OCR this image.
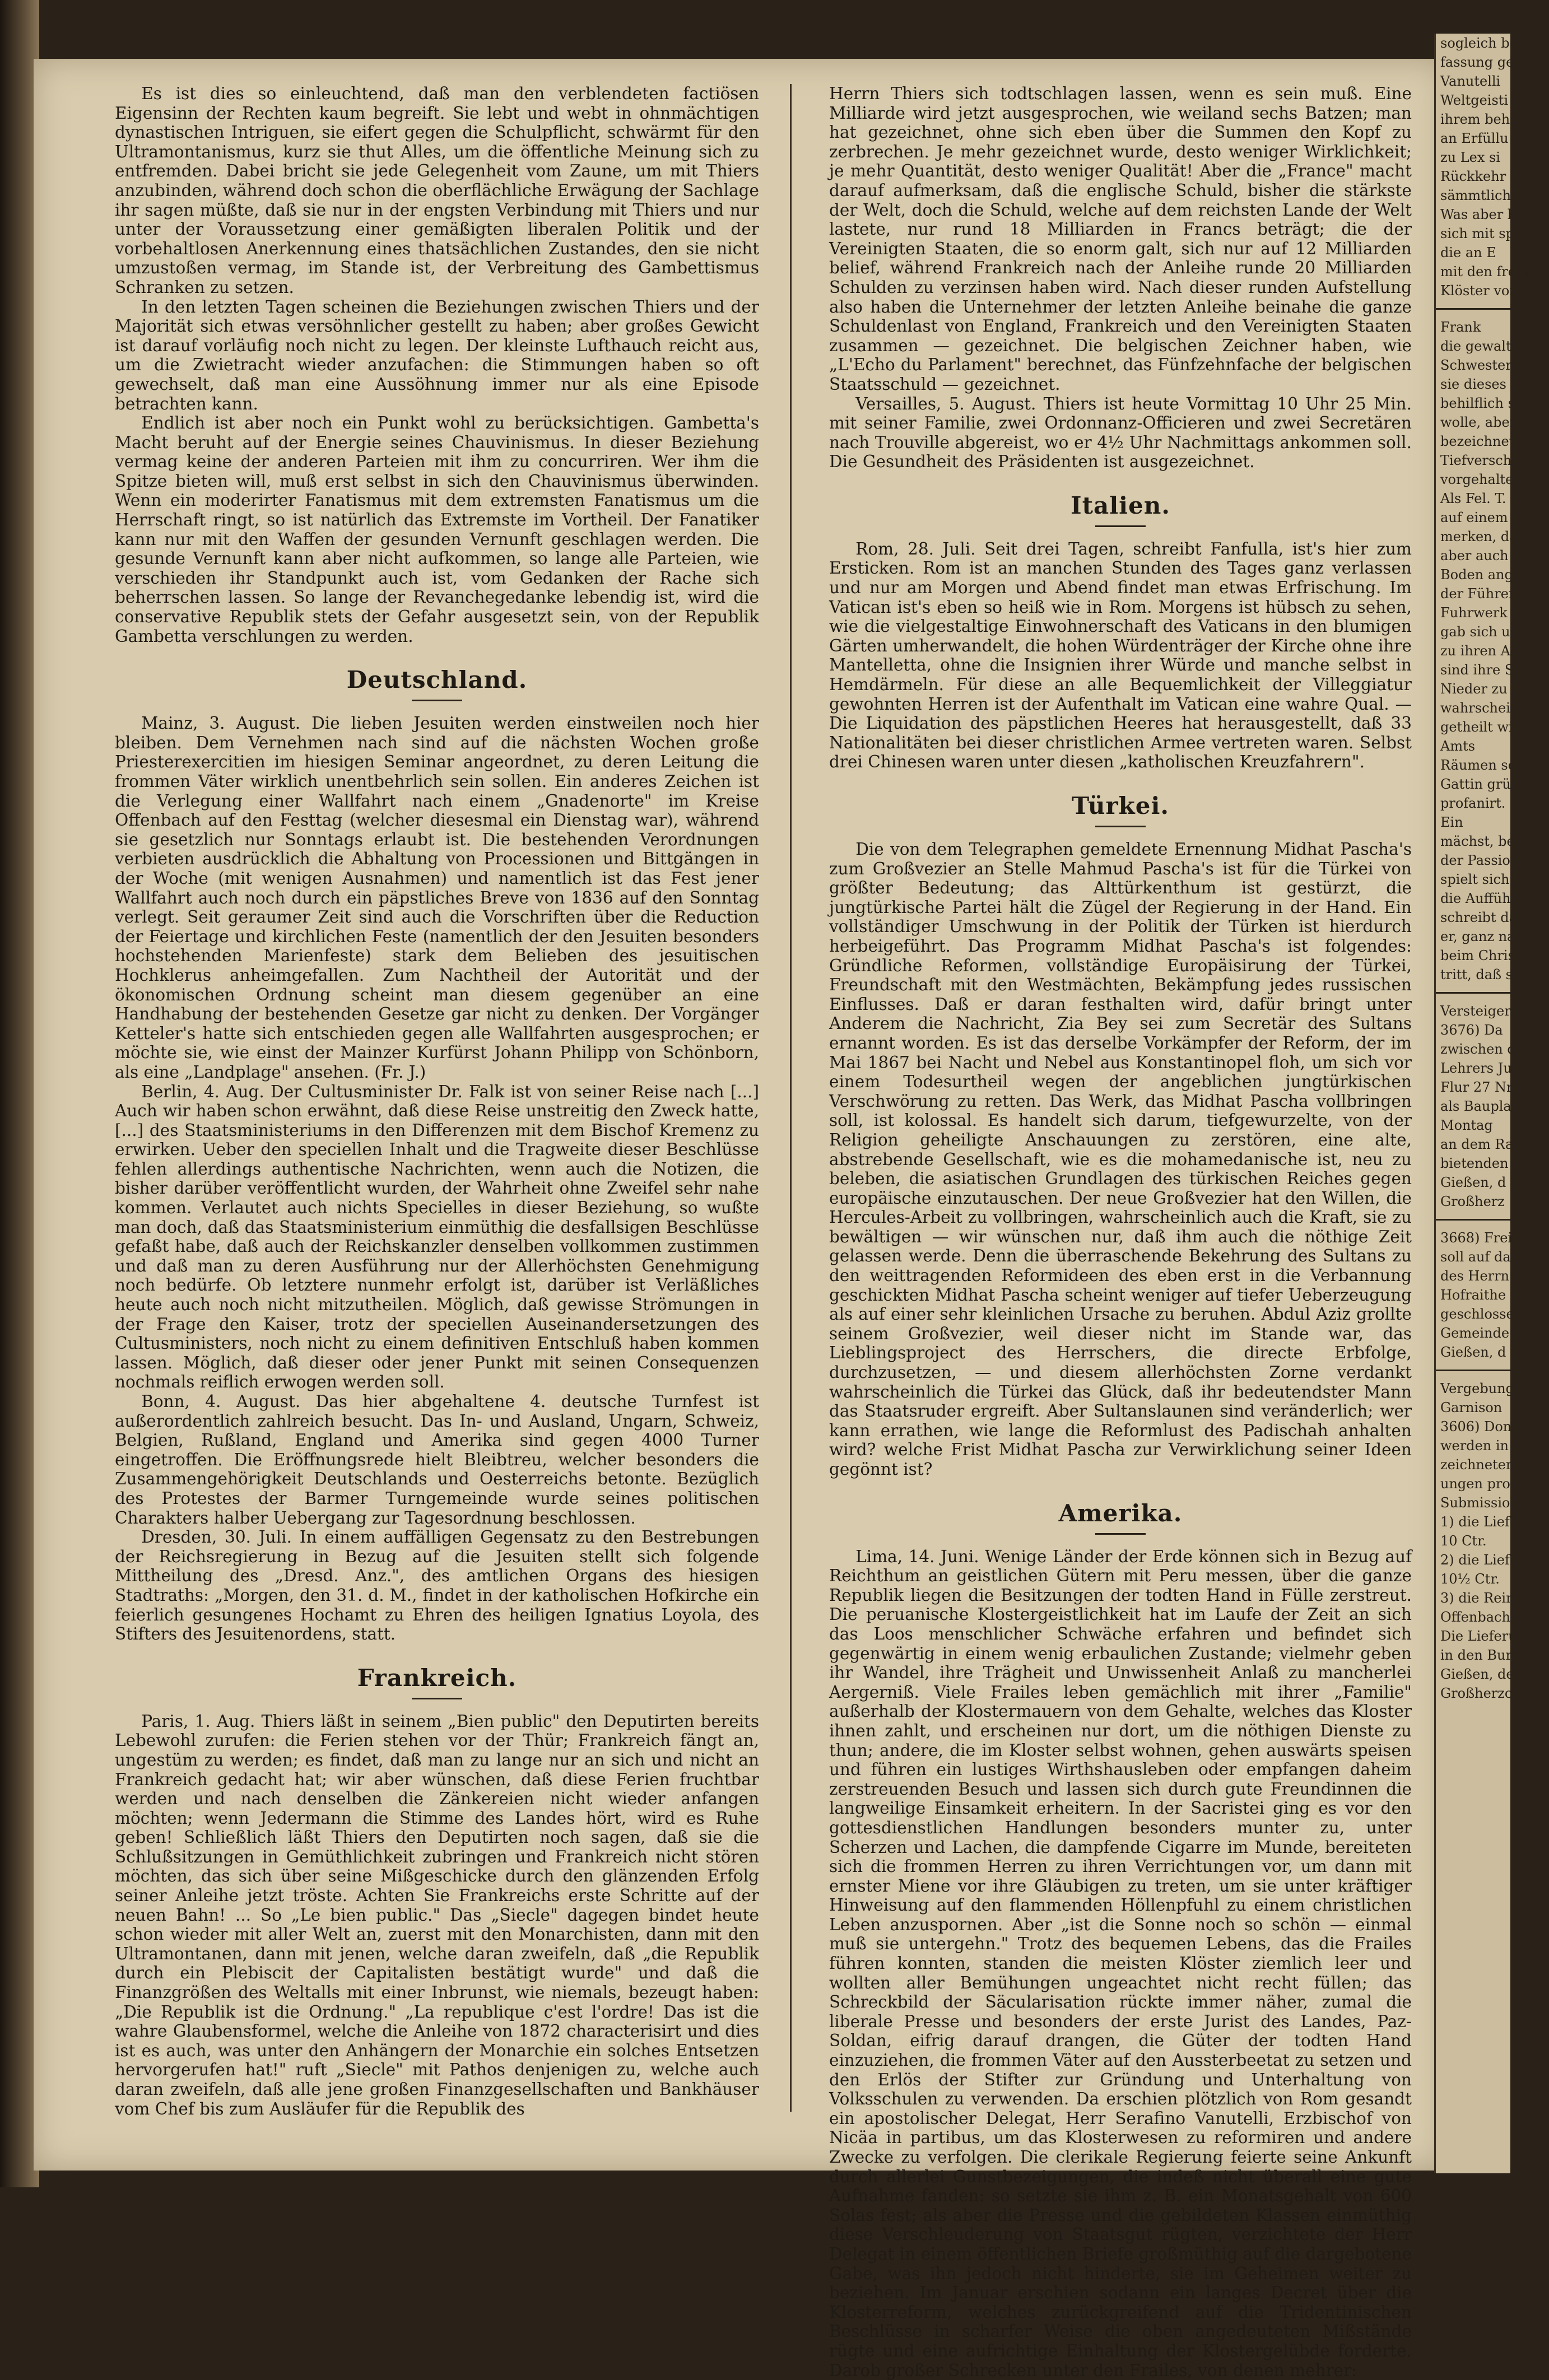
Es ist dies so einleuchtend, daß man den verblendeten factiösen Eigensinn der Rechten kaum begreift. Sie lebt und webt in ohnmächtigen dynastischen Intriguen, sie eifert gegen die Schulpflicht, schwärmt für den Ultramontanismus, kurz sie thut Alles, um die öffentliche Meinung sich zu entfremden. Dabei bricht sie jede Gelegenheit vom Zaune, um mit Thiers anzubinden, während doch schon die oberflächliche Erwägung der Sachlage ihr sagen müßte, daß sie nur in der engsten Verbindung mit Thiers und nur unter der Voraussetzung einer gemäßigten liberalen Politik und der vorbehaltlosen Anerkennung eines thatsächlichen Zustandes, den sie nicht umzustoßen vermag, im Stande ist, der Verbreitung des Gambettismus Schranken zu setzen.

In den letzten Tagen scheinen die Beziehungen zwischen Thiers und der Majorität sich etwas versöhnlicher gestellt zu haben; aber großes Gewicht ist darauf vorläufig noch nicht zu legen. Der kleinste Lufthauch reicht aus, um die Zwietracht wieder anzufachen: die Stimmungen haben so oft gewechselt, daß man eine Aussöhnung immer nur als eine Episode betrachten kann.

Endlich ist aber noch ein Punkt wohl zu berücksichtigen. Gambetta's Macht beruht auf der Energie seines Chauvinismus. In dieser Beziehung vermag keine der anderen Parteien mit ihm zu concurriren. Wer ihm die Spitze bieten will, muß erst selbst in sich den Chauvinismus überwinden. Wenn ein moderirter Fanatismus mit dem extremsten Fanatismus um die Herrschaft ringt, so ist natürlich das Extremste im Vortheil. Der Fanatiker kann nur mit den Waffen der gesunden Vernunft geschlagen werden. Die gesunde Vernunft kann aber nicht aufkommen, so lange alle Parteien, wie verschieden ihr Standpunkt auch ist, vom Gedanken der Rache sich beherrschen lassen. So lange der Revanchegedanke lebendig ist, wird die conservative Republik stets der Gefahr ausgesetzt sein, von der Republik Gambetta verschlungen zu werden.

Deutschland.

Mainz, 3. August. Die lieben Jesuiten werden einstweilen noch hier bleiben. Dem Vernehmen nach sind auf die nächsten Wochen große Priesterexercitien im hiesigen Seminar angeordnet, zu deren Leitung die frommen Väter wirklich unentbehrlich sein sollen. Ein anderes Zeichen ist die Verlegung einer Wallfahrt nach einem „Gnadenorte" im Kreise Offenbach auf den Festtag (welcher diesesmal ein Dienstag war), während sie gesetzlich nur Sonntags erlaubt ist. Die bestehenden Verordnungen verbieten ausdrücklich die Abhaltung von Processionen und Bittgängen in der Woche (mit wenigen Ausnahmen) und namentlich ist das Fest jener Wallfahrt auch noch durch ein päpstliches Breve von 1836 auf den Sonntag verlegt. Seit geraumer Zeit sind auch die Vorschriften über die Reduction der Feiertage und kirchlichen Feste (namentlich der den Jesuiten besonders hochstehenden Marienfeste) stark dem Belieben des jesuitischen Hochklerus anheimgefallen. Zum Nachtheil der Autorität und der ökonomischen Ordnung scheint man diesem gegenüber an eine Handhabung der bestehenden Gesetze gar nicht zu denken. Der Vorgänger Ketteler's hatte sich entschieden gegen alle Wallfahrten ausgesprochen; er möchte sie, wie einst der Mainzer Kurfürst Johann Philipp von Schönborn, als eine „Landplage" ansehen. (Fr. J.)

Berlin, 4. Aug. Der Cultusminister Dr. Falk ist von seiner Reise nach [...] Auch wir haben schon erwähnt, daß diese Reise unstreitig den Zweck hatte, [...] des Staatsministeriums in den Differenzen mit dem Bischof Kremenz zu erwirken. Ueber den speciellen Inhalt und die Tragweite dieser Beschlüsse fehlen allerdings authentische Nachrichten, wenn auch die Notizen, die bisher darüber veröffentlicht wurden, der Wahrheit ohne Zweifel sehr nahe kommen. Verlautet auch nichts Specielles in dieser Beziehung, so wußte man doch, daß das Staatsministerium einmüthig die desfallsigen Beschlüsse gefaßt habe, daß auch der Reichskanzler denselben vollkommen zustimmen und daß man zu deren Ausführung nur der Allerhöchsten Genehmigung noch bedürfe. Ob letztere nunmehr erfolgt ist, darüber ist Verläßliches heute auch noch nicht mitzutheilen. Möglich, daß gewisse Strömungen in der Frage den Kaiser, trotz der speciellen Auseinandersetzungen des Cultusministers, noch nicht zu einem definitiven Entschluß haben kommen lassen. Möglich, daß dieser oder jener Punkt mit seinen Consequenzen nochmals reiflich erwogen werden soll.

Bonn, 4. August. Das hier abgehaltene 4. deutsche Turnfest ist außerordentlich zahlreich besucht. Das In- und Ausland, Ungarn, Schweiz, Belgien, Rußland, England und Amerika sind gegen 4000 Turner eingetroffen. Die Eröffnungsrede hielt Bleibtreu, welcher besonders die Zusammengehörigkeit Deutschlands und Oesterreichs betonte. Bezüglich des Protestes der Barmer Turngemeinde wurde seines politischen Charakters halber Uebergang zur Tagesordnung beschlossen.

Dresden, 30. Juli. In einem auffälligen Gegensatz zu den Bestrebungen der Reichsregierung in Bezug auf die Jesuiten stellt sich folgende Mittheilung des „Dresd. Anz.", des amtlichen Organs des hiesigen Stadtraths: „Morgen, den 31. d. M., findet in der katholischen Hofkirche ein feierlich gesungenes Hochamt zu Ehren des heiligen Ignatius Loyola, des Stifters des Jesuitenordens, statt.

Frankreich.

Paris, 1. Aug. Thiers läßt in seinem „Bien public" den Deputirten bereits Lebewohl zurufen: die Ferien stehen vor der Thür; Frankreich fängt an, ungestüm zu werden; es findet, daß man zu lange nur an sich und nicht an Frankreich gedacht hat; wir aber wünschen, daß diese Ferien fruchtbar werden und nach denselben die Zänkereien nicht wieder anfangen möchten; wenn Jedermann die Stimme des Landes hört, wird es Ruhe geben! Schließlich läßt Thiers den Deputirten noch sagen, daß sie die Schlußsitzungen in Gemüthlichkeit zubringen und Frankreich nicht stören möchten, das sich über seine Mißgeschicke durch den glänzenden Erfolg seiner Anleihe jetzt tröste. Achten Sie Frankreichs erste Schritte auf der neuen Bahn! ... So „Le bien public." Das „Siecle" dagegen bindet heute schon wieder mit aller Welt an, zuerst mit den Monarchisten, dann mit den Ultramontanen, dann mit jenen, welche daran zweifeln, daß „die Republik durch ein Plebiscit der Capitalisten bestätigt wurde" und daß die Finanzgrößen des Weltalls mit einer Inbrunst, wie niemals, bezeugt haben: „Die Republik ist die Ordnung." „La republique c'est l'ordre! Das ist die wahre Glaubensformel, welche die Anleihe von 1872 characterisirt und dies ist es auch, was unter den Anhängern der Monarchie ein solches Entsetzen hervorgerufen hat!" ruft „Siecle" mit Pathos denjenigen zu, welche auch daran zweifeln, daß alle jene großen Finanzgesellschaften und Bankhäuser vom Chef bis zum Ausläufer für die Republik des

Herrn Thiers sich todtschlagen lassen, wenn es sein muß. Eine Milliarde wird jetzt ausgesprochen, wie weiland sechs Batzen; man hat gezeichnet, ohne sich eben über die Summen den Kopf zu zerbrechen. Je mehr gezeichnet wurde, desto weniger Wirklichkeit; je mehr Quantität, desto weniger Qualität! Aber die „France" macht darauf aufmerksam, daß die englische Schuld, bisher die stärkste der Welt, doch die Schuld, welche auf dem reichsten Lande der Welt lastete, nur rund 18 Milliarden in Francs beträgt; die der Vereinigten Staaten, die so enorm galt, sich nur auf 12 Milliarden belief, während Frankreich nach der Anleihe runde 20 Milliarden Schulden zu verzinsen haben wird. Nach dieser runden Aufstellung also haben die Unternehmer der letzten Anleihe beinahe die ganze Schuldenlast von England, Frankreich und den Vereinigten Staaten zusammen — gezeichnet. Die belgischen Zeichner haben, wie „L'Echo du Parlament" berechnet, das Fünfzehnfache der belgischen Staatsschuld — gezeichnet.

Versailles, 5. August. Thiers ist heute Vormittag 10 Uhr 25 Min. mit seiner Familie, zwei Ordonnanz-Officieren und zwei Secretären nach Trouville abgereist, wo er 4½ Uhr Nachmittags ankommen soll. Die Gesundheit des Präsidenten ist ausgezeichnet.

Italien.

Rom, 28. Juli. Seit drei Tagen, schreibt Fanfulla, ist's hier zum Ersticken. Rom ist an manchen Stunden des Tages ganz verlassen und nur am Morgen und Abend findet man etwas Erfrischung. Im Vatican ist's eben so heiß wie in Rom. Morgens ist hübsch zu sehen, wie die vielgestaltige Einwohnerschaft des Vaticans in den blumigen Gärten umherwandelt, die hohen Würdenträger der Kirche ohne ihre Mantelletta, ohne die Insignien ihrer Würde und manche selbst in Hemdärmeln. Für diese an alle Bequemlichkeit der Villeggiatur gewohnten Herren ist der Aufenthalt im Vatican eine wahre Qual. — Die Liquidation des päpstlichen Heeres hat herausgestellt, daß 33 Nationalitäten bei dieser christlichen Armee vertreten waren. Selbst drei Chinesen waren unter diesen „katholischen Kreuzfahrern".

Türkei.

Die von dem Telegraphen gemeldete Ernennung Midhat Pascha's zum Großvezier an Stelle Mahmud Pascha's ist für die Türkei von größter Bedeutung; das Alttürkenthum ist gestürzt, die jungtürkische Partei hält die Zügel der Regierung in der Hand. Ein vollständiger Umschwung in der Politik der Türken ist hierdurch herbeigeführt. Das Programm Midhat Pascha's ist folgendes: Gründliche Reformen, vollständige Europäisirung der Türkei, Freundschaft mit den Westmächten, Bekämpfung jedes russischen Einflusses. Daß er daran festhalten wird, dafür bringt unter Anderem die Nachricht, Zia Bey sei zum Secretär des Sultans ernannt worden. Es ist das derselbe Vorkämpfer der Reform, der im Mai 1867 bei Nacht und Nebel aus Konstantinopel floh, um sich vor einem Todesurtheil wegen der angeblichen jungtürkischen Verschwörung zu retten. Das Werk, das Midhat Pascha vollbringen soll, ist kolossal. Es handelt sich darum, tiefgewurzelte, von der Religion geheiligte Anschauungen zu zerstören, eine alte, abstrebende Gesellschaft, wie es die mohamedanische ist, neu zu beleben, die asiatischen Grundlagen des türkischen Reiches gegen europäische einzutauschen. Der neue Großvezier hat den Willen, die Hercules-Arbeit zu vollbringen, wahrscheinlich auch die Kraft, sie zu bewältigen — wir wünschen nur, daß ihm auch die nöthige Zeit gelassen werde. Denn die überraschende Bekehrung des Sultans zu den weittragenden Reformideen des eben erst in die Verbannung geschickten Midhat Pascha scheint weniger auf tiefer Ueberzeugung als auf einer sehr kleinlichen Ursache zu beruhen. Abdul Aziz grollte seinem Großvezier, weil dieser nicht im Stande war, das Lieblingsproject des Herrschers, die directe Erbfolge, durchzusetzen, — und diesem allerhöchsten Zorne verdankt wahrscheinlich die Türkei das Glück, daß ihr bedeutendster Mann das Staatsruder ergreift. Aber Sultanslaunen sind veränderlich; wer kann errathen, wie lange die Reformlust des Padischah anhalten wird? welche Frist Midhat Pascha zur Verwirklichung seiner Ideen gegönnt ist?

Amerika.

Lima, 14. Juni. Wenige Länder der Erde können sich in Bezug auf Reichthum an geistlichen Gütern mit Peru messen, über die ganze Republik liegen die Besitzungen der todten Hand in Fülle zerstreut. Die peruanische Klostergeistlichkeit hat im Laufe der Zeit an sich das Loos menschlicher Schwäche erfahren und befindet sich gegenwärtig in einem wenig erbaulichen Zustande; vielmehr geben ihr Wandel, ihre Trägheit und Unwissenheit Anlaß zu mancherlei Aergerniß. Viele Frailes leben gemächlich mit ihrer „Familie" außerhalb der Klostermauern von dem Gehalte, welches das Kloster ihnen zahlt, und erscheinen nur dort, um die nöthigen Dienste zu thun; andere, die im Kloster selbst wohnen, gehen auswärts speisen und führen ein lustiges Wirthshausleben oder empfangen daheim zerstreuenden Besuch und lassen sich durch gute Freundinnen die langweilige Einsamkeit erheitern. In der Sacristei ging es vor den gottesdienstlichen Handlungen besonders munter zu, unter Scherzen und Lachen, die dampfende Cigarre im Munde, bereiteten sich die frommen Herren zu ihren Verrichtungen vor, um dann mit ernster Miene vor ihre Gläubigen zu treten, um sie unter kräftiger Hinweisung auf den flammenden Höllenpfuhl zu einem christlichen Leben anzuspornen. Aber „ist die Sonne noch so schön — einmal muß sie untergehn." Trotz des bequemen Lebens, das die Frailes führen konnten, standen die meisten Klöster ziemlich leer und wollten aller Bemühungen ungeachtet nicht recht füllen; das Schreckbild der Säcularisation rückte immer näher, zumal die liberale Presse und besonders der erste Jurist des Landes, Paz-Soldan, eifrig darauf drangen, die Güter der todten Hand einzuziehen, die frommen Väter auf den Aussterbeetat zu setzen und den Erlös der Stifter zur Gründung und Unterhaltung von Volksschulen zu verwenden. Da erschien plötzlich von Rom gesandt ein apostolischer Delegat, Herr Serafino Vanutelli, Erzbischof von Nicäa in partibus, um das Klosterwesen zu reformiren und andere Zwecke zu verfolgen. Die clerikale Regierung feierte seine Ankunft durch allerlei Gunstbezeigungen, die indeß nicht überall eine gute Aufnahme fanden: so setzte sie ihm z. B. ein Monatsgehalt von 600 Solas fest; als aber die Presse und die gebildeten Klassen einmüthig diese Verschleuderung von Staatsgut rügten, verzichtete der Herr Delegat in einem öffentlichen Briefe großmüthig auf die dargebotene Gabe, was ihn jedoch nicht hinderte, sie im Geheimen weiter zu beziehen. Im Januar erschien sodann ein langes Decret über die Klosterreform, welches zurückgreifend auf die Tridentinischen Beschlüsse in scharfer Weise die oben angedeuteten Mißstände rügte und eine aufrichtige Einhaltung der Klostergelübde forderte. Darob großer Schrecken unter den Frailes, von denen mehrer:

sogleich be
fassung geh
Vanutelli
Weltgeisti
ihrem beha
an Erfüllu
zu Lex si
Rückkehr i
sämmtliche
Was aber b
sich mit spa
die an E
mit den frem
Klöster von
Frank
die gewalti
Schwester i
sie dieses al
behilflich sei
wolle, aber
bezeichneten
Tiefverschleier
vorgehalten,
Als Fel. T.
auf einem B
merken, daß
aber auch sich
Boden angek
der Führer d
Fuhrwerk bei
gab sich unwe
zu ihren An
sind ihre S
Nieder zu
wahrscheinlich
getheilt wird
Amts
Räumen sei
Gattin grüß
profanirt.
Ein
mächst, bei
der Passion
spielt sich s
die Aufführ
schreibt das
er, ganz na
beim Christ
tritt, daß sie
Versteiger
3676) Da
zwischen der
Lehrers Ju
Flur 27 Nr.
als Bauplat
Montag
an dem Ra
bietenden ver
Gießen, d
Großherz
3668) Freit
soll auf daß
des Herrn G
Hofraithe au
geschlossenen
Gemeinde ver
Gießen, d
Vergebung
Garnison
3606) Don
werden in der
zeichneten Men
ungen pro
Submission ve
1) die Lief
10 Ctr.
2) die Lief
10½ Ctr.
3) die Reinig
Offenbach
Die Lieferun
in den Bure
Gießen, de
Großherzog
